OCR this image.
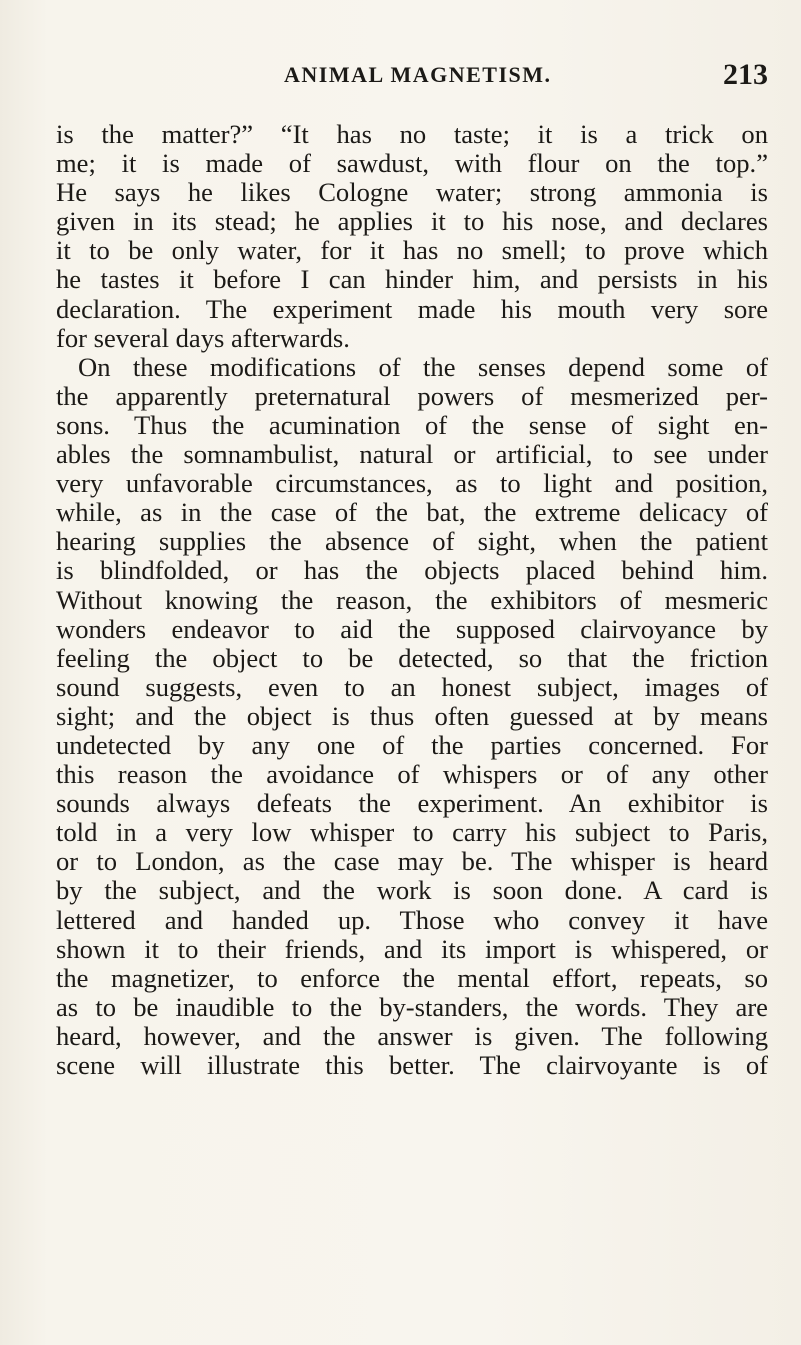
ANIMAL MAGNETISM.	213
is the matter?” “It has no taste; it is a trick on
me; it is made of sawdust, with flour on the top.”
He says he likes Cologne water; strong ammonia is
given in its stead; he applies it to his nose, and declares
it to be only water, for it has no smell; to prove which
he tastes it before I can hinder him, and persists in his
declaration. The experiment made his mouth very sore
for several days afterwards.
On these modifications of the senses depend some of
the apparently preternatural powers of mesmerized per-
sons. Thus the acumination of the sense of sight en-
ables the somnambulist, natural or artificial, to see under
very unfavorable circumstances, as to light and position,
while, as in the case of the bat, the extreme delicacy of
hearing supplies the absence of sight, when the patient
is blindfolded, or has the objects placed behind him.
Without knowing the reason, the exhibitors of mesmeric
wonders endeavor to aid the supposed clairvoyance by
feeling the object to be detected, so that the friction
sound suggests, even to an honest subject, images of
sight; and the object is thus often guessed at by means
undetected by any one of the parties concerned. For
this reason the avoidance of whispers or of any other
sounds always defeats the experiment. An exhibitor is
told in a very low whisper to carry his subject to Paris,
or to London, as the case may be. The whisper is heard
by the subject, and the work is soon done. A card is
lettered and handed up. Those who convey it have
shown it to their friends, and its import is whispered, or
the magnetizer, to enforce the mental effort, repeats, so
as to be inaudible to the by-standers, the words. They are
heard, however, and the answer is given. The following
scene will illustrate this better. The clairvoyante is of
